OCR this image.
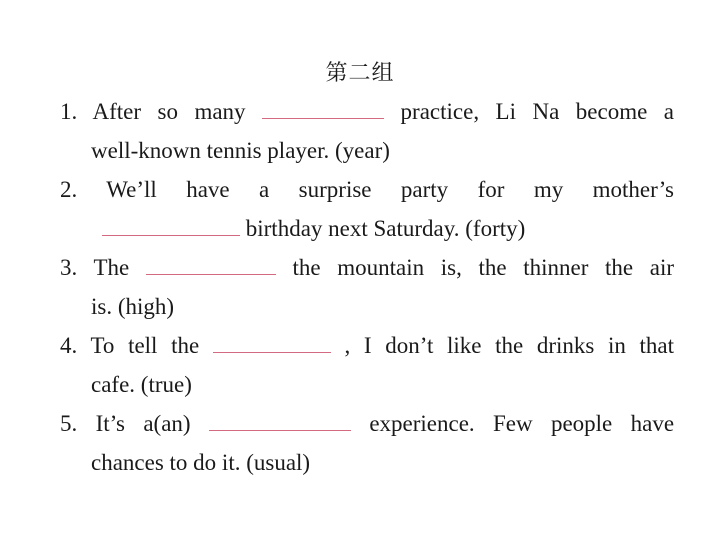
第二组
1. After so many	practice, Li Na become a
well-known tennis player. (year)
2. We’ll have a surprise party for my mother’s
birthday next Saturday. (forty)
3. The	the mountain is, the thinner the air
is. (high)
4. To tell the	, I don’t like the drinks in that
cafe. (true)
5. It’s a(an)	experience. Few people have
chances to do it. (usual)
